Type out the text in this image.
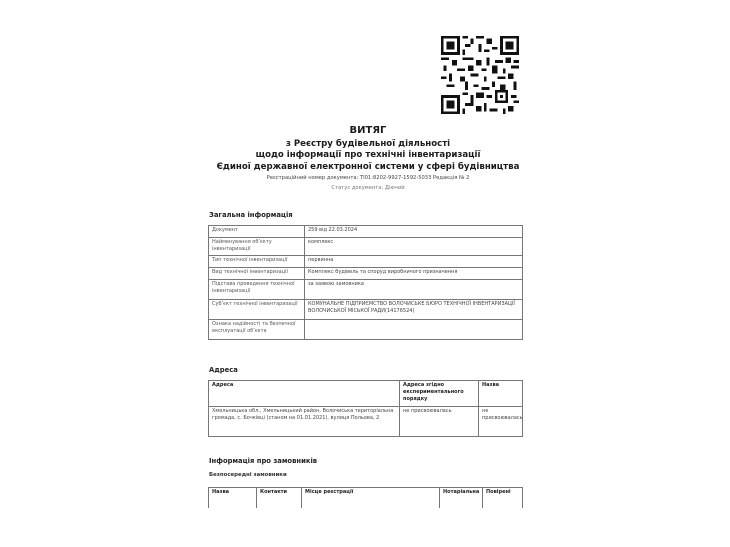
ВИТЯГ
з Реєстру будівельної діяльності
щодо інформації про технічні інвентаризації
Єдиної державної електронної системи у сфері будівництва
Реєстраційний номер документа: ТІ01:8202-9927-1592-5033 Редакція № 2
Статус документа: Діючий
Загальна інформація
Документ	259 від 22.03.2024
Найменування об’єкту інвентаризації	комплекс
Тип технічної інвентаризації	первинна
Вид технічної інвентаризації	Комплекс будівель та споруд виробничого призначення
Підстава проведення технічної інвентаризації	за заявою замовника
Суб’єкт технічної інвентаризації	КОМУНАЛЬНЕ ПІДПРИЄМСТВО ВОЛОЧИСЬКЕ БЮРО ТЕХНІЧНОЇ ІНВЕНТАРИЗАЦІЇ ВОЛОЧИСЬКОЇ МІСЬКОЇ РАДИ(14176524)
Ознака надійності та безпечної експлуатації об’єкта	
Адреса
Адреса	Адреса згідно експериментального порядку	Назва
Хмельницька обл., Хмельницький район, Волочиська територіальна громада, с. Бочківці (станом на 01.01.2021), вулиця Польова, 2	не присвоювалась	не присвоювалась
Інформація про замовників
Безпосередні замовники
Назва	Контакти	Місце реєстрації	Нотаріальна	Повірені
